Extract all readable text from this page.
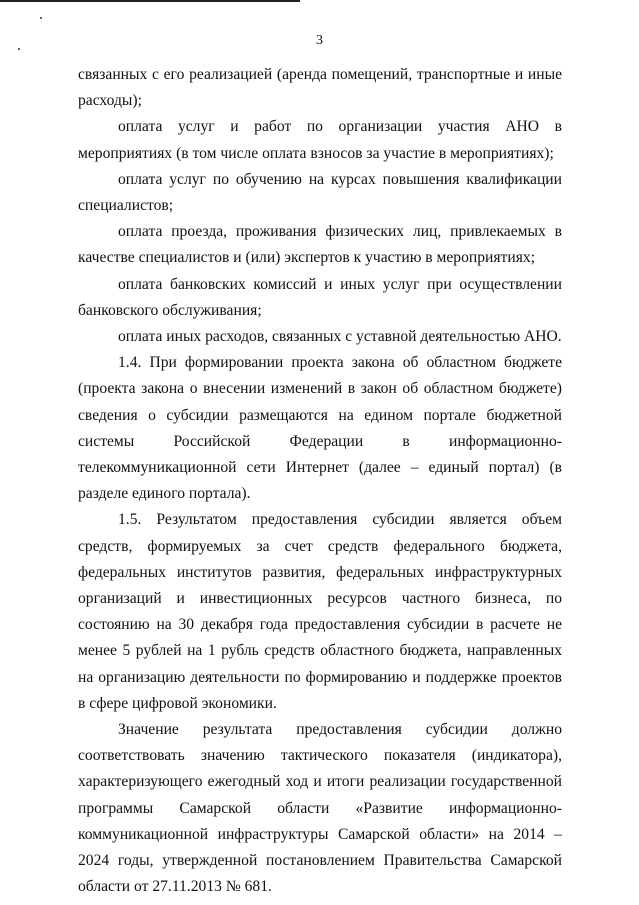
3

связанных с его реализацией (аренда помещений, транспортные и иные расходы);

оплата услуг и работ по организации участия АНО в мероприятиях (в том числе оплата взносов за участие в мероприятиях);

оплата услуг по обучению на курсах повышения квалификации специалистов;

оплата проезда, проживания физических лиц, привлекаемых в качестве специалистов и (или) экспертов к участию в мероприятиях;

оплата банковских комиссий и иных услуг при осуществлении банковского обслуживания;

оплата иных расходов, связанных с уставной деятельностью АНО.

1.4. При формировании проекта закона об областном бюджете (проекта закона о внесении изменений в закон об областном бюджете) сведения о субсидии размещаются на едином портале бюджетной системы Российской Федерации в информационно-телекоммуникационной сети Интернет (далее – единый портал) (в разделе единого портала).

1.5. Результатом предоставления субсидии является объем средств, формируемых за счет средств федерального бюджета, федеральных институтов развития, федеральных инфраструктурных организаций и инвестиционных ресурсов частного бизнеса, по состоянию на 30 декабря года предоставления субсидии в расчете не менее 5 рублей на 1 рубль средств областного бюджета, направленных на организацию деятельности по формированию и поддержке проектов в сфере цифровой экономики.

Значение результата предоставления субсидии должно соответствовать значению тактического показателя (индикатора), характеризующего ежегодный ход и итоги реализации государственной программы Самарской области «Развитие информационно-коммуникационной инфраструктуры Самарской области» на 2014 – 2024 годы, утвержденной постановлением Правительства Самарской области от 27.11.2013 № 681.
